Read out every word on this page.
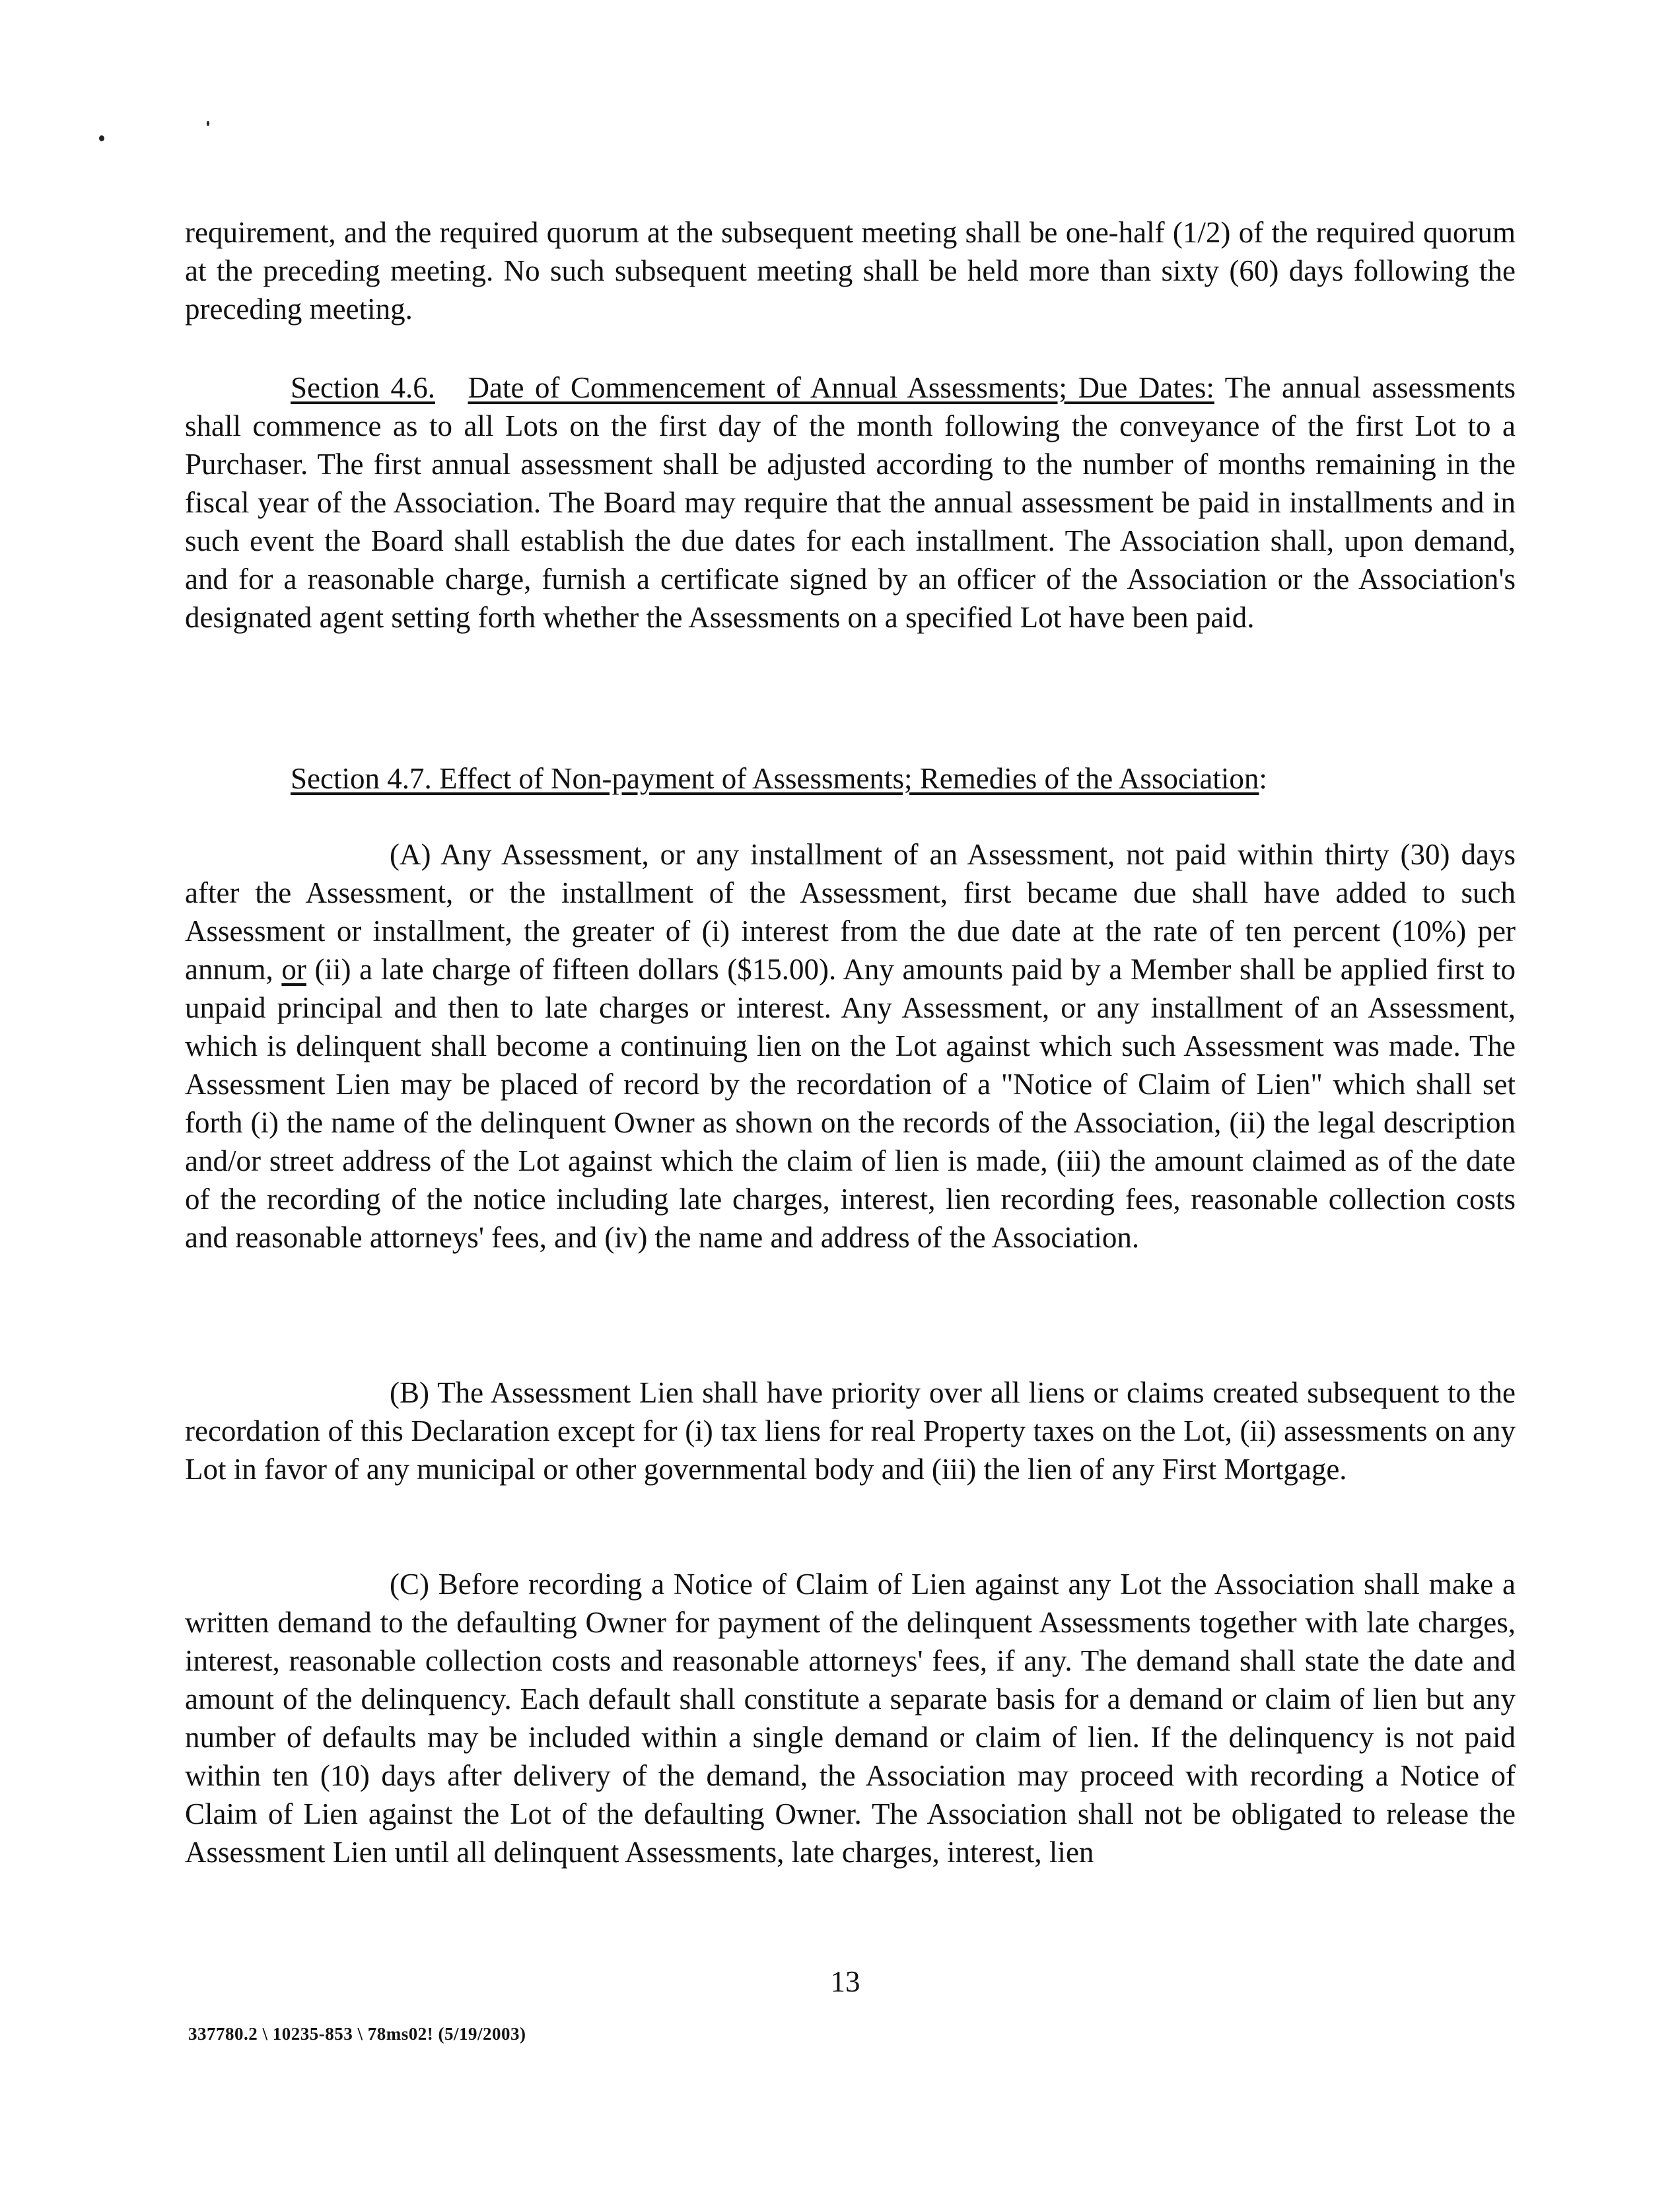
requirement, and the required quorum at the subsequent meeting shall be one-half (1/2) of the required quorum at the preceding meeting. No such subsequent meeting shall be held more than sixty (60) days following the preceding meeting.

Section 4.6. Date of Commencement of Annual Assessments; Due Dates: The annual assessments shall commence as to all Lots on the first day of the month following the conveyance of the first Lot to a Purchaser. The first annual assessment shall be adjusted according to the number of months remaining in the fiscal year of the Association. The Board may require that the annual assessment be paid in installments and in such event the Board shall establish the due dates for each installment. The Association shall, upon demand, and for a reasonable charge, furnish a certificate signed by an officer of the Association or the Association's designated agent setting forth whether the Assessments on a specified Lot have been paid.

Section 4.7. Effect of Non-payment of Assessments; Remedies of the Association:

(A) Any Assessment, or any installment of an Assessment, not paid within thirty (30) days after the Assessment, or the installment of the Assessment, first became due shall have added to such Assessment or installment, the greater of (i) interest from the due date at the rate of ten percent (10%) per annum, or (ii) a late charge of fifteen dollars ($15.00). Any amounts paid by a Member shall be applied first to unpaid principal and then to late charges or interest. Any Assessment, or any installment of an Assessment, which is delinquent shall become a continuing lien on the Lot against which such Assessment was made. The Assessment Lien may be placed of record by the recordation of a "Notice of Claim of Lien" which shall set forth (i) the name of the delinquent Owner as shown on the records of the Association, (ii) the legal description and/or street address of the Lot against which the claim of lien is made, (iii) the amount claimed as of the date of the recording of the notice including late charges, interest, lien recording fees, reasonable collection costs and reasonable attorneys' fees, and (iv) the name and address of the Association.

(B) The Assessment Lien shall have priority over all liens or claims created subsequent to the recordation of this Declaration except for (i) tax liens for real Property taxes on the Lot, (ii) assessments on any Lot in favor of any municipal or other governmental body and (iii) the lien of any First Mortgage.

(C) Before recording a Notice of Claim of Lien against any Lot the Association shall make a written demand to the defaulting Owner for payment of the delinquent Assessments together with late charges, interest, reasonable collection costs and reasonable attorneys' fees, if any. The demand shall state the date and amount of the delinquency. Each default shall constitute a separate basis for a demand or claim of lien but any number of defaults may be included within a single demand or claim of lien. If the delinquency is not paid within ten (10) days after delivery of the demand, the Association may proceed with recording a Notice of Claim of Lien against the Lot of the defaulting Owner. The Association shall not be obligated to release the Assessment Lien until all delinquent Assessments, late charges, interest, lien

13

337780.2 \ 10235-853 \ 78ms02! (5/19/2003)
